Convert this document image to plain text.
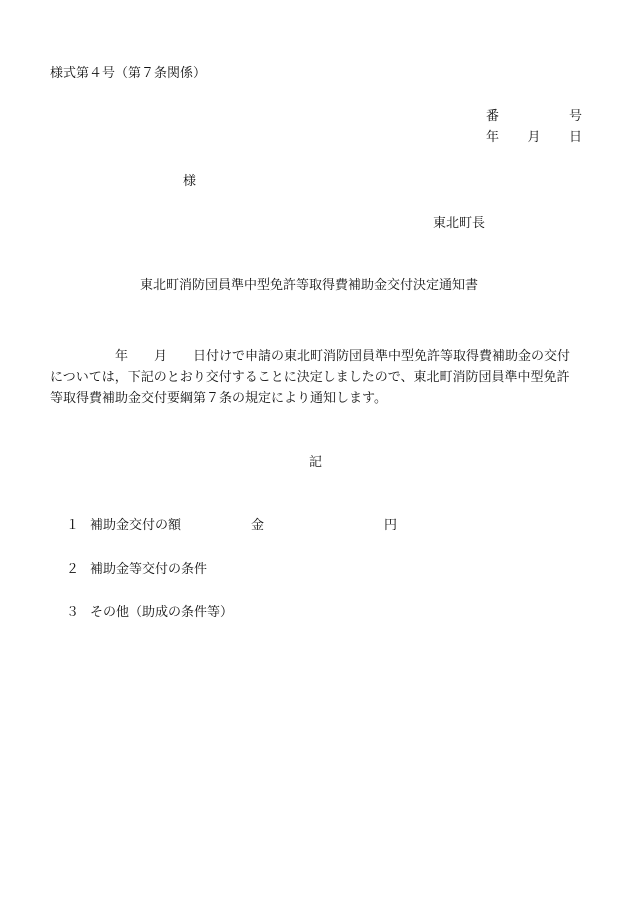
様式第４号（第７条関係）
番	号
年 月 日
様
東北町長
東北町消防団員準中型免許等取得費補助金交付決定通知書

　　　　　年　　月　　日付けで申請の東北町消防団員準中型免許等取得費補助金の交付

については，下記のとおり交付することに決定しましたので、東北町消防団員準中型免許

等取得費補助金交付要綱第７条の規定により通知します。

記
１ 補助金交付の額	金	円
２ 補助金等交付の条件
３ その他（助成の条件等）
